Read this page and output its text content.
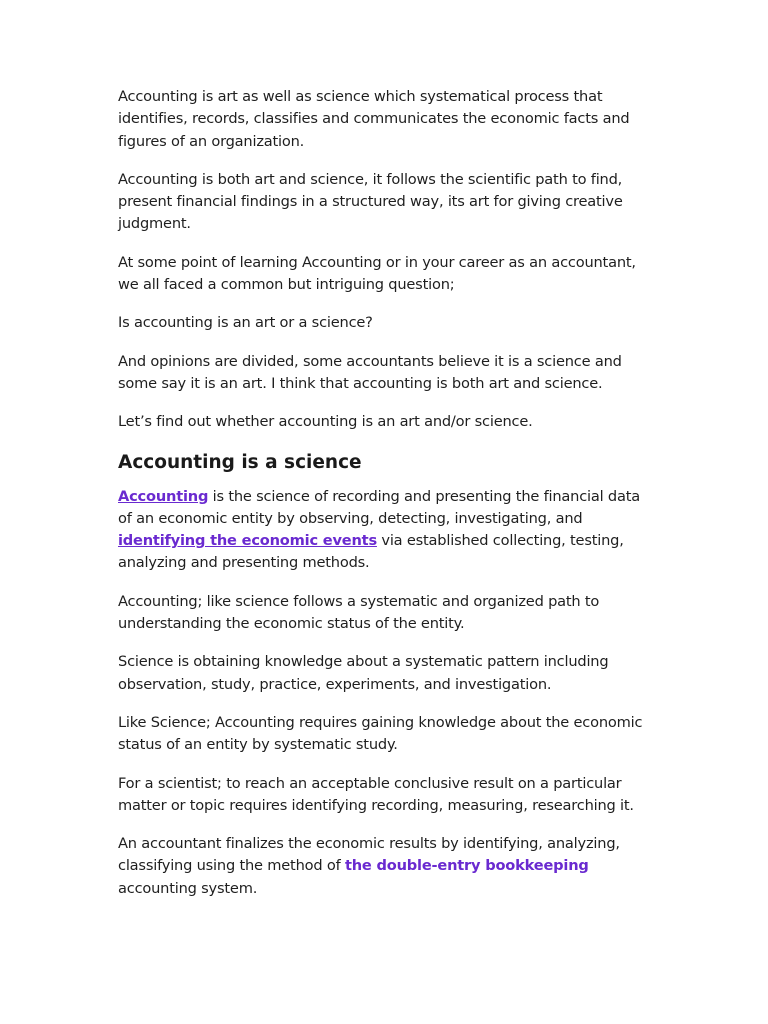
Accounting is art as well as science which systematical process that identifies, records, classifies and communicates the economic facts and figures of an organization.

Accounting is both art and science, it follows the scientific path to find, present financial findings in a structured way, its art for giving creative judgment.

At some point of learning Accounting or in your career as an accountant, we all faced a common but intriguing question;

Is accounting is an art or a science?

And opinions are divided, some accountants believe it is a science and some say it is an art. I think that accounting is both art and science.

Let’s find out whether accounting is an art and/or science.

Accounting is a science

Accounting is the science of recording and presenting the financial data of an economic entity by observing, detecting, investigating, and identifying the economic events via established collecting, testing, analyzing and presenting methods.

Accounting; like science follows a systematic and organized path to understanding the economic status of the entity.

Science is obtaining knowledge about a systematic pattern including observation, study, practice, experiments, and investigation.

Like Science; Accounting requires gaining knowledge about the economic status of an entity by systematic study.

For a scientist; to reach an acceptable conclusive result on a particular matter or topic requires identifying recording, measuring, researching it.

An accountant finalizes the economic results by identifying, analyzing, classifying using the method of the double-entry bookkeeping accounting system.
